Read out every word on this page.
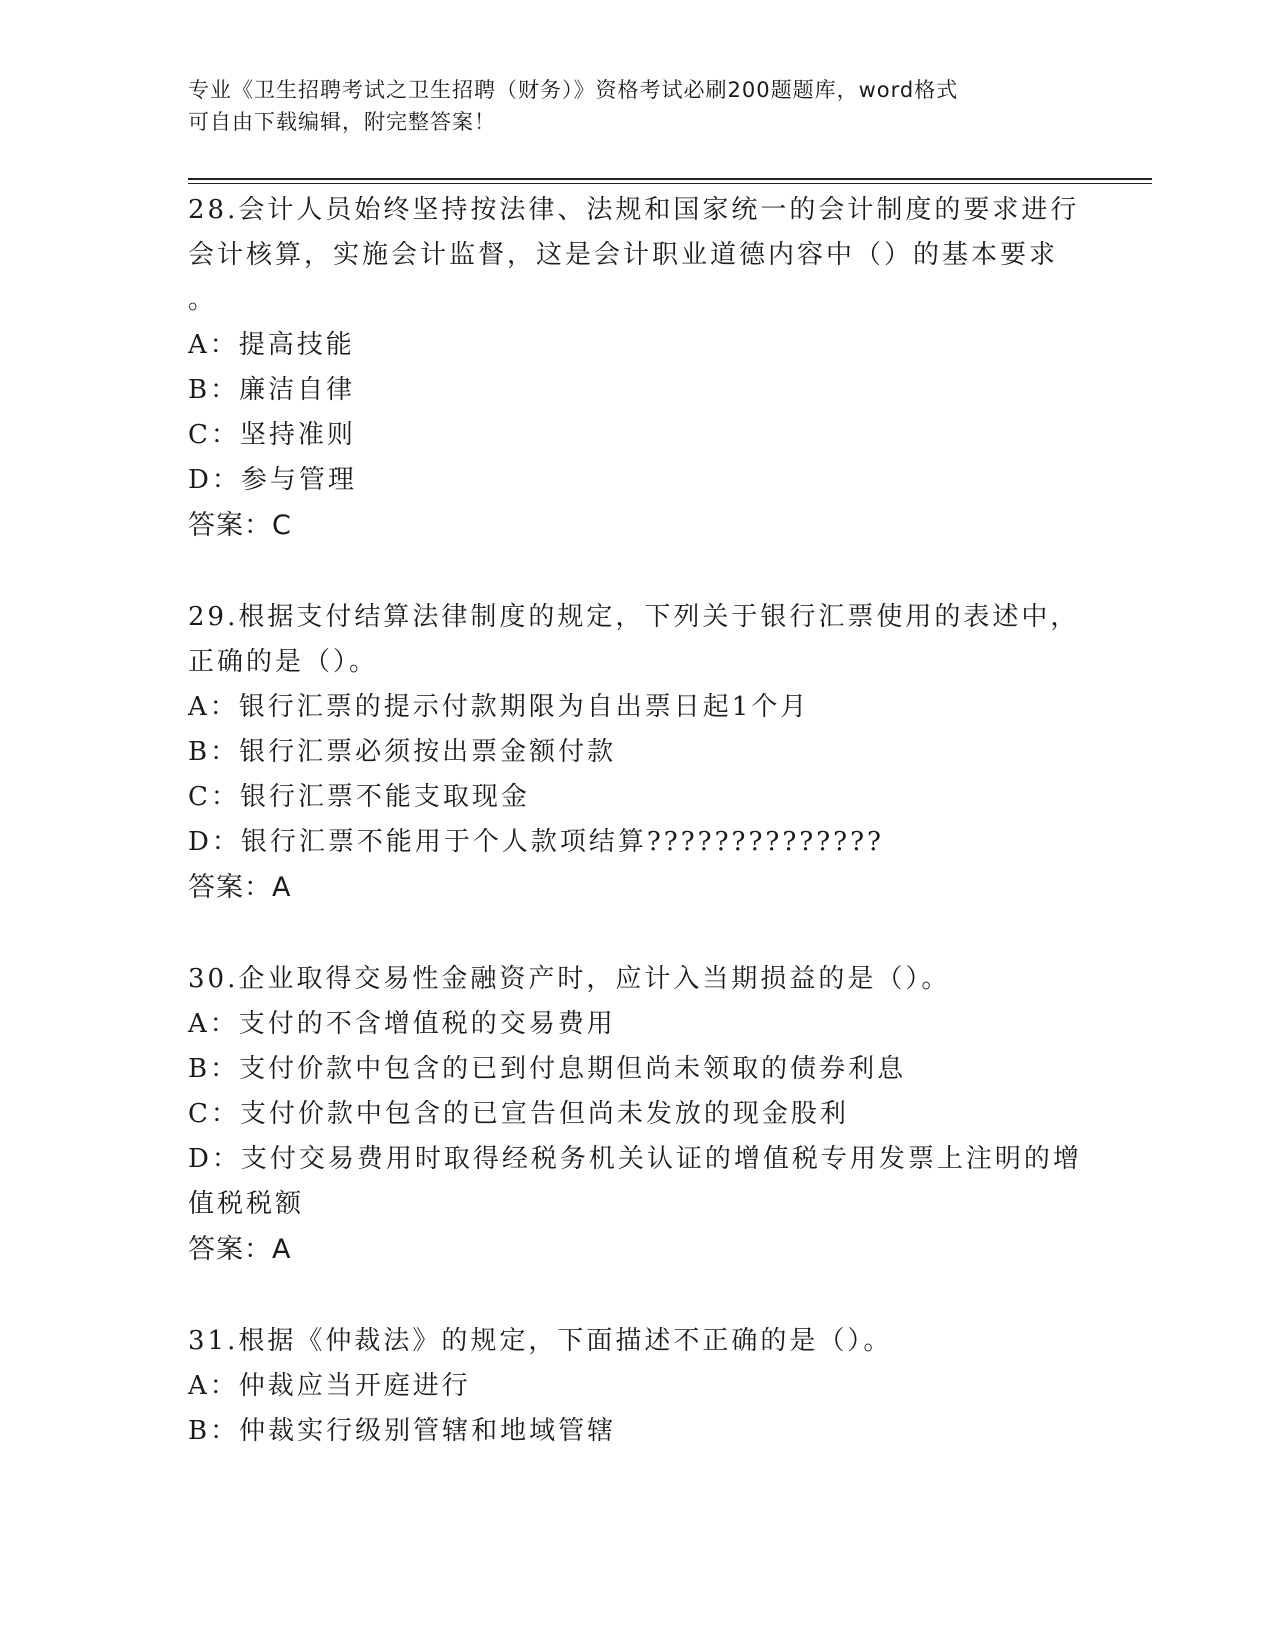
专业《卫生招聘考试之卫生招聘（财务）》资格考试必刷200题题库，word格式
可自由下载编辑，附完整答案！
28.会计人员始终坚持按法律、法规和国家统一的会计制度的要求进行
会计核算，实施会计监督，这是会计职业道德内容中（）的基本要求
。
A：提高技能
B：廉洁自律
C：坚持准则
D：参与管理
答案：C
29.根据支付结算法律制度的规定，下列关于银行汇票使用的表述中，
正确的是（）。
A：银行汇票的提示付款期限为自出票日起1个月
B：银行汇票必须按出票金额付款
C：银行汇票不能支取现金
D：银行汇票不能用于个人款项结算??????????????
答案：A
30.企业取得交易性金融资产时，应计入当期损益的是（）。
A：支付的不含增值税的交易费用
B：支付价款中包含的已到付息期但尚未领取的债券利息
C：支付价款中包含的已宣告但尚未发放的现金股利
D：支付交易费用时取得经税务机关认证的增值税专用发票上注明的增
值税税额
答案：A
31.根据《仲裁法》的规定，下面描述不正确的是（）。
A：仲裁应当开庭进行
B：仲裁实行级别管辖和地域管辖
